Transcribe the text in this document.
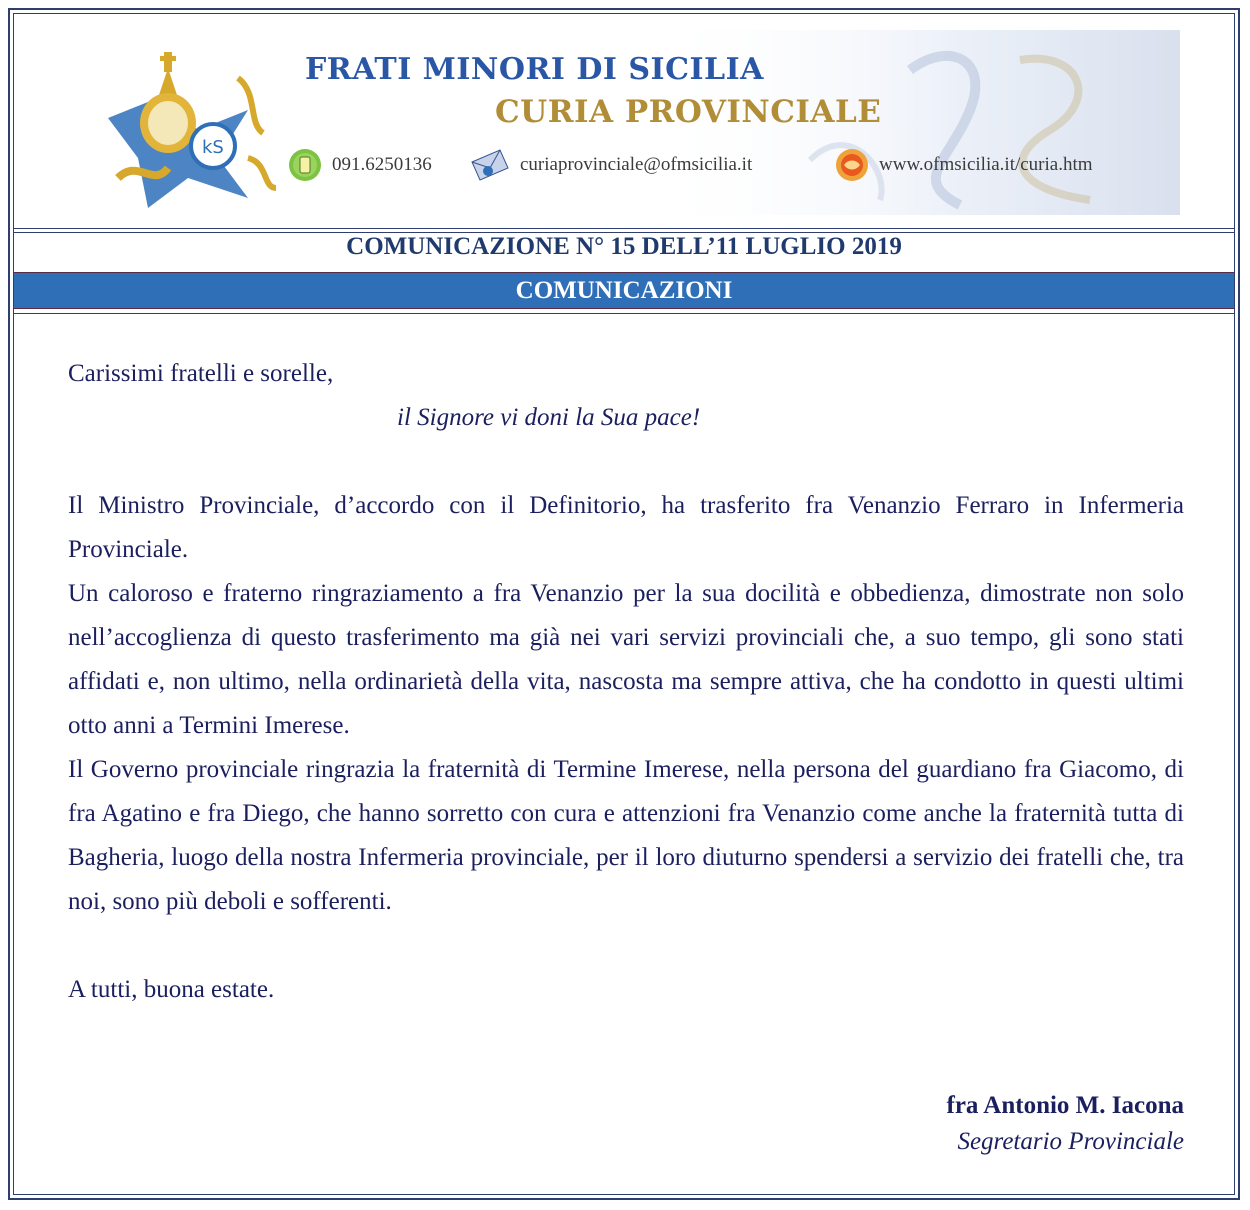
kS
FRATI MINORI DI SICILIA
CURIA PROVINCIALE
091.6250136	curiaprovinciale@ofmsicilia.it	www.ofmsicilia.it/curia.htm
COMUNICAZIONE N° 15 DELL’11 LUGLIO 2019
COMUNICAZIONI

Carissimi fratelli e sorelle,

il Signore vi doni la Sua pace!

Il Ministro Provinciale, d’accordo con il Definitorio, ha trasferito fra Venanzio Ferraro in Infermeria Provinciale.

Un caloroso e fraterno ringraziamento a fra Venanzio per la sua docilità e obbedienza, dimostrate non solo nell’accoglienza di questo trasferimento ma già nei vari servizi provinciali che, a suo tempo, gli sono stati affidati e, non ultimo, nella ordinarietà della vita, nascosta ma sempre attiva, che ha condotto in questi ultimi otto anni a Termini Imerese.

Il Governo provinciale ringrazia la fraternità di Termine Imerese, nella persona del guardiano fra Giacomo, di fra Agatino e fra Diego, che hanno sorretto con cura e attenzioni fra Venanzio come anche la fraternità tutta di Bagheria, luogo della nostra Infermeria provinciale, per il loro diuturno spendersi a servizio dei fratelli che, tra noi, sono più deboli e sofferenti.

A tutti, buona estate.

fra Antonio M. Iacona
Segretario Provinciale
